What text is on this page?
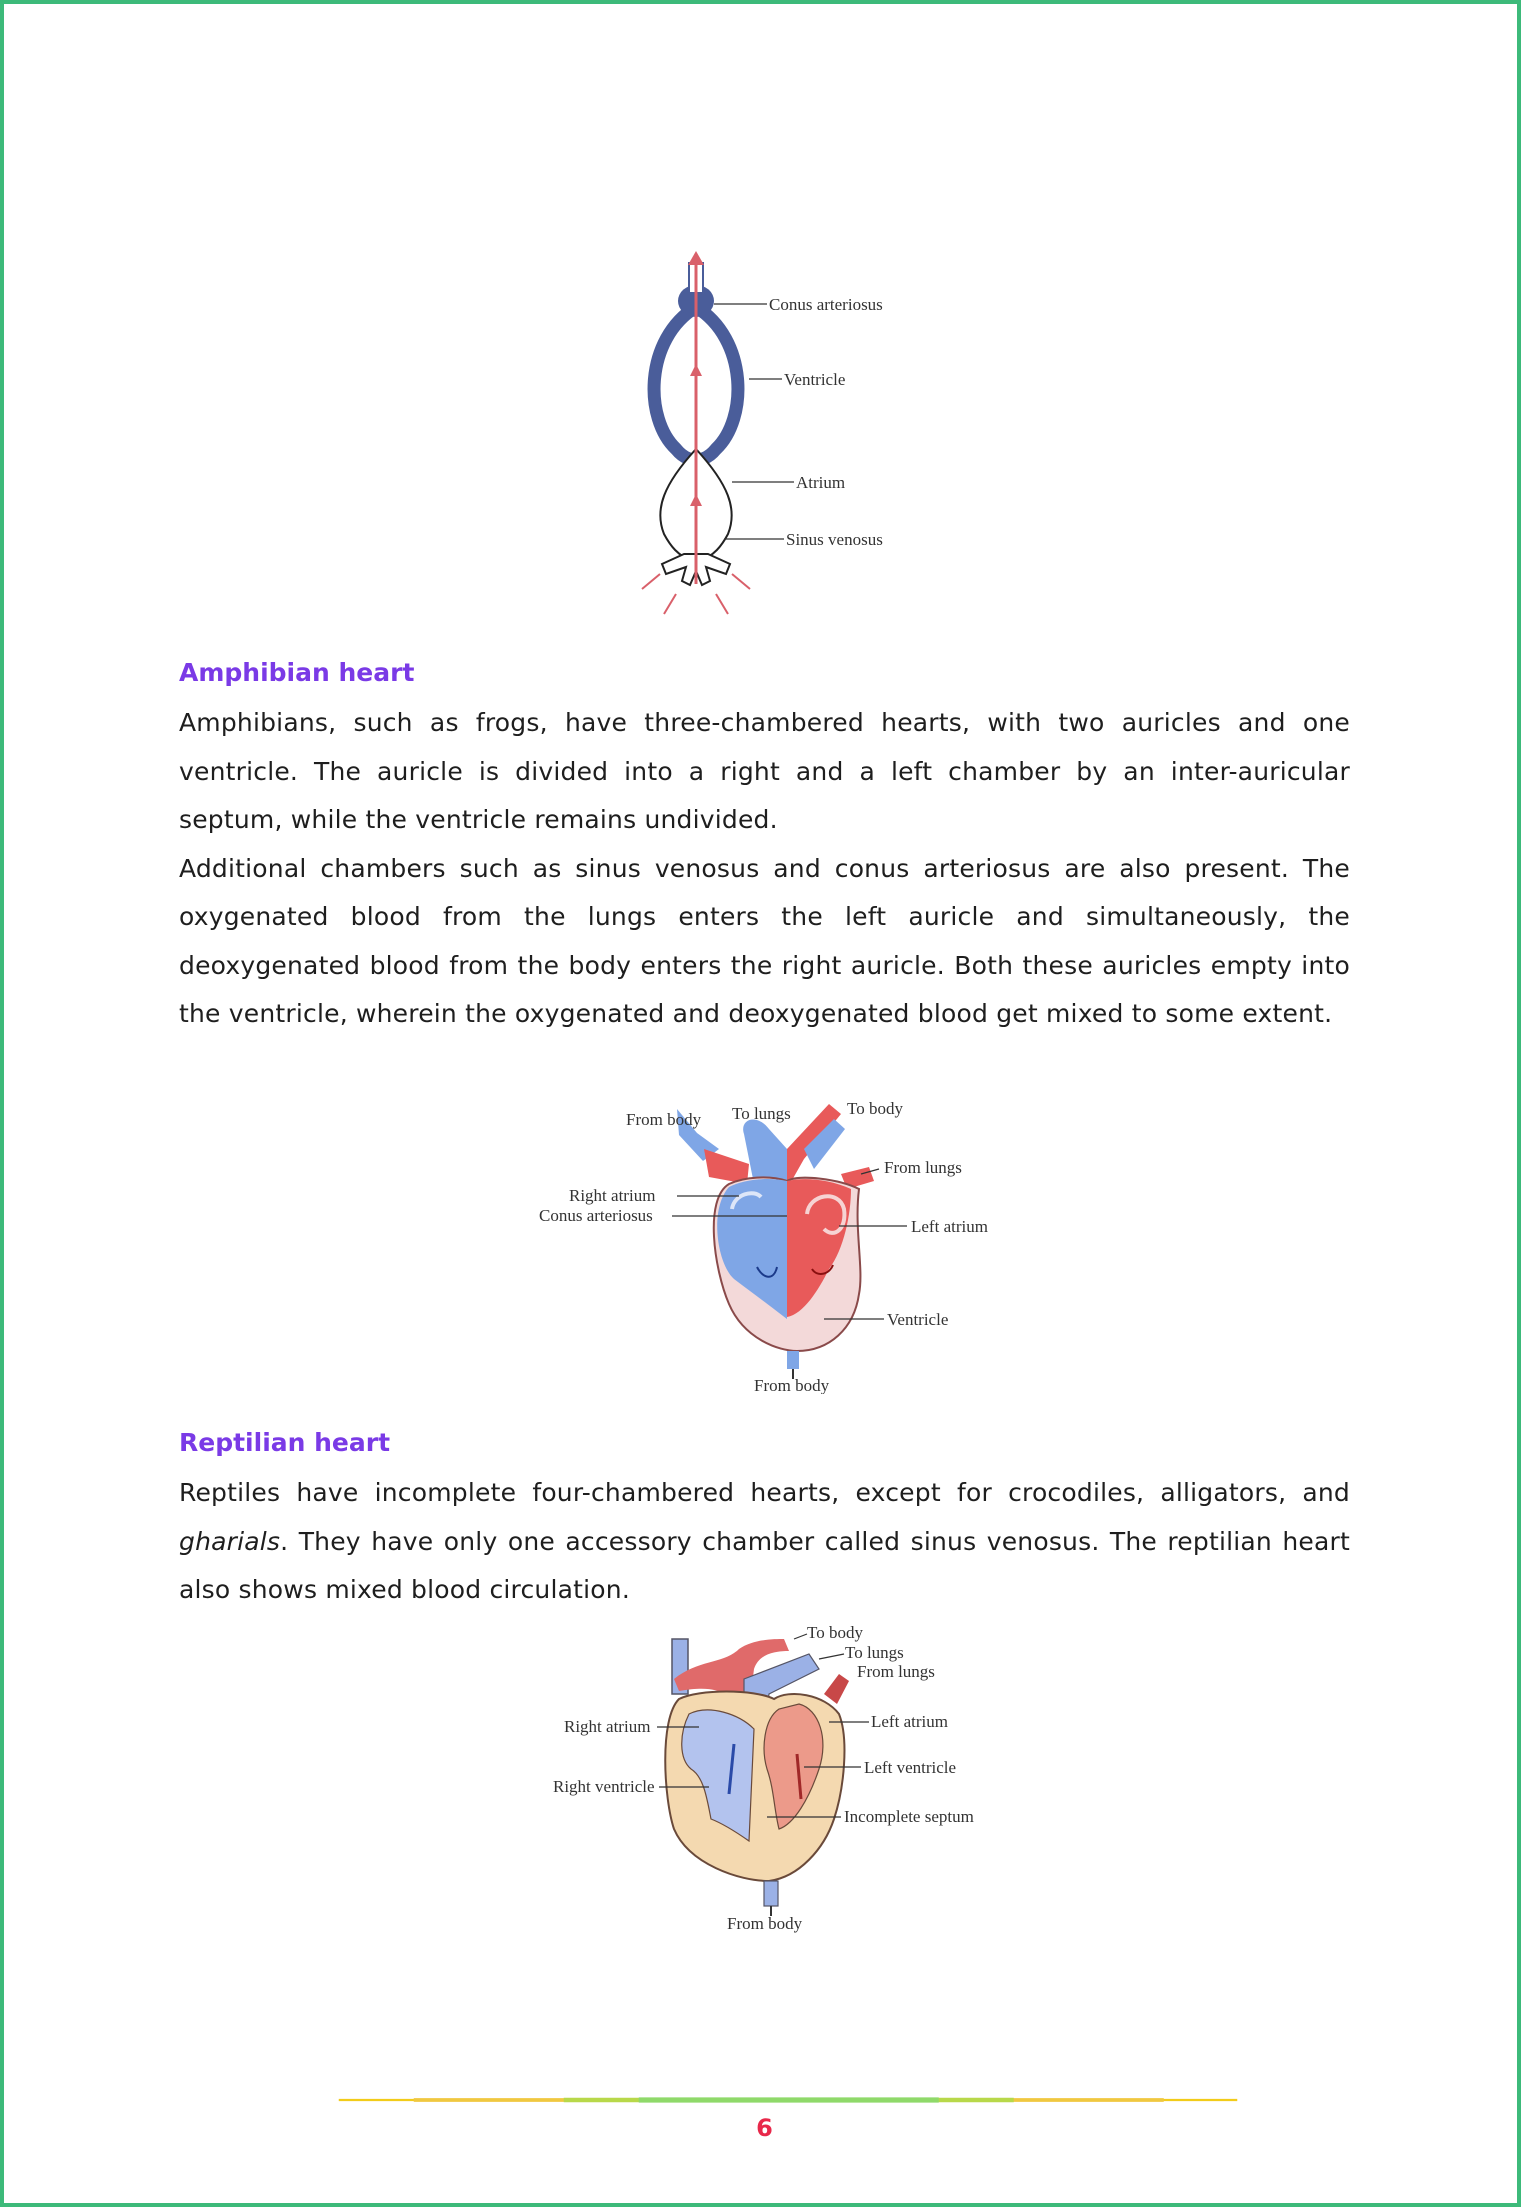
Conus arteriosus
Ventricle
Atrium
Sinus venosus
Amphibian heart

Amphibians, such as frogs, have three-chambered hearts, with two auricles and one ventricle. The auricle is divided into a right and a left chamber by an inter-auricular septum, while the ventricle remains undivided.

Additional chambers such as sinus venosus and conus arteriosus are also present. The oxygenated blood from the lungs enters the left auricle and simultaneously, the deoxygenated blood from the body enters the right auricle. Both these auricles empty into the ventricle, wherein the oxygenated and deoxygenated blood get mixed to some extent.

From body To lungs	To body
From lungs
Right atrium
Conus arteriosus
Left atrium
Ventricle
From body
Reptilian heart

Reptiles have incomplete four-chambered hearts, except for crocodiles, alligators, and gharials. They have only one accessory chamber called sinus venosus. The reptilian heart also shows mixed blood circulation.

To body
To lungs
From lungs
Right atrium	Left atrium
Left ventricle
Right ventricle
Incomplete septum
From body
6
